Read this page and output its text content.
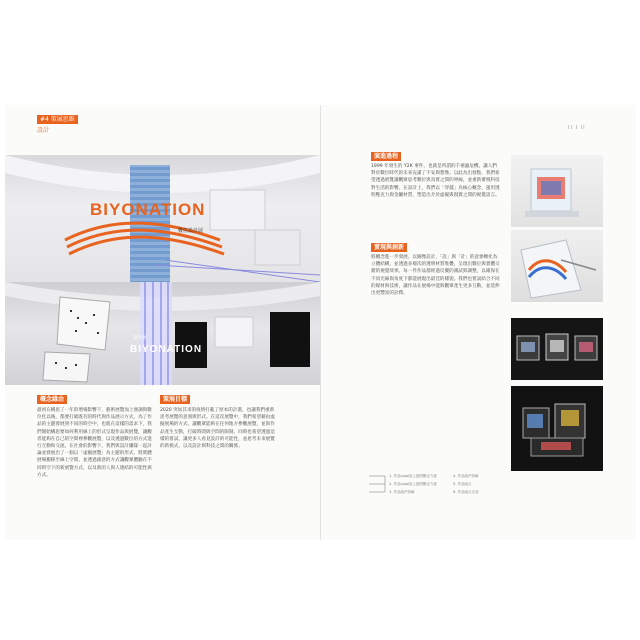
#4 策展思維
設計	II Ⅰ II
BIYONATION
數位設計展
BIYONATION
設計展
概念緣由
最初在構思了一年的增場影響下，藝術展覽加上強調與數位化以後，都要打破既有的時代與作品展示方式，為了作品的主題發展到不同的時空中，也就在這樣的需求下，我們開始構思要如何利用線上的形式呈現作品與展覽，讓觀者能夠在自己的空間裡參觀展覽，以及透過數位的方式進行互動和交流。在社會的影響下，我們與設計團隊一起討論並發展出了一個以「虛擬展覽」為主題的形式，將實體展場搬移至線上空間，並透過創意的方式讓觀眾體驗在不同時空下的新展覽方式，以及新的人與人連結的可能性與方式。
策展目標
2020 突如其來的疫情打亂了原本的計畫，也讓我們重新思考展覽的意義與形式。在這次展覽中，我們希望藉由虛擬展場的方式，讓觀眾能夠在任何地方參觀展覽，並與作品產生互動，打破時間與空間的限制。同時也希望透過這樣的嘗試，讓更多人看見設計的可能性，並思考未來展覽的新模式，以及設計與科技之間的關係。
演進過程
1999 年發生的 Y2K 事件，也就是所謂的千禧蟲危機，讓人們對於數位時代的未來充滿了不安與想像。以此為出發點，我們希望透過展覽讓觀眾思考數位與真實之間的界線，並重新審視科技對生活的影響。在設計上，我們以「穿越」為核心概念，運用透明壓克力與金屬材質，塑造出介於虛擬與現實之間的視覺語言。
實現與創新
將概念進一步發展，以圖像設計、「設」與「計」的意象轉化為立體結構，並透過多層次的透明材質堆疊，呈現出數位與實體交錯的視覺效果。每一件作品都經過反覆的測試與調整，以確保在不同光線與角度下都能展現出最佳的樣貌。我們也嘗試結合不同的媒材與技術，讓作品在展場中能與觀眾產生更多互動，並延伸出更豐富的詮釋。
1. 作品Logo加上透明壓克力板
2. 作品Logo加上透明壓克力板
3. 作品組件拆解
4. 作品組件拆解
5. 作品組合
6. 作品組合完成
